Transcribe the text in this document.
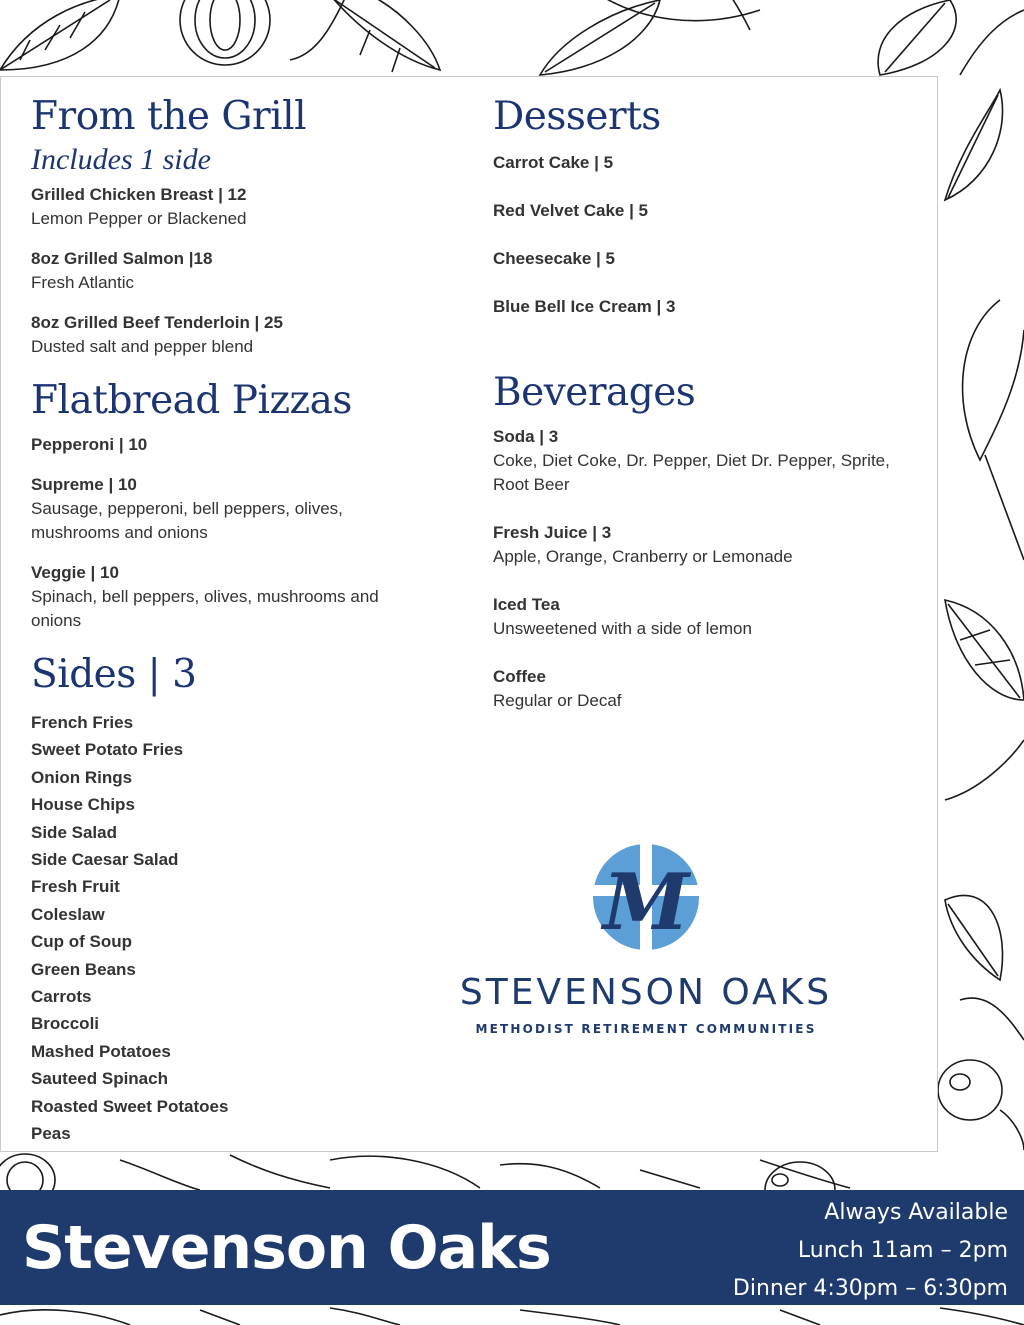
From the Grill
Includes 1 side
Grilled Chicken Breast | 12
Lemon Pepper or Blackened
8oz Grilled Salmon |18
Fresh Atlantic
8oz Grilled Beef Tenderloin | 25
Dusted salt and pepper blend
Flatbread Pizzas
Pepperoni | 10
Supreme | 10
Sausage, pepperoni, bell peppers, olives,
mushrooms and onions
Veggie | 10
Spinach, bell peppers, olives, mushrooms and
onions
Sides | 3
French Fries
Sweet Potato Fries
Onion Rings
House Chips
Side Salad
Side Caesar Salad
Fresh Fruit
Coleslaw
Cup of Soup
Green Beans
Carrots
Broccoli
Mashed Potatoes
Sauteed Spinach
Roasted Sweet Potatoes
Peas
Desserts
Carrot Cake | 5
Red Velvet Cake | 5
Cheesecake | 5
Blue Bell Ice Cream | 3
Beverages
Soda | 3
Coke, Diet Coke, Dr. Pepper, Diet Dr. Pepper, Sprite,
Root Beer
Fresh Juice | 3
Apple, Orange, Cranberry or Lemonade
Iced Tea
Unsweetened with a side of lemon
Coffee
Regular or Decaf
M
STEVENSON OAKS
METHODIST RETIREMENT COMMUNITIES
Stevenson Oaks
Always Available
Lunch 11am – 2pm
Dinner 4:30pm – 6:30pm
